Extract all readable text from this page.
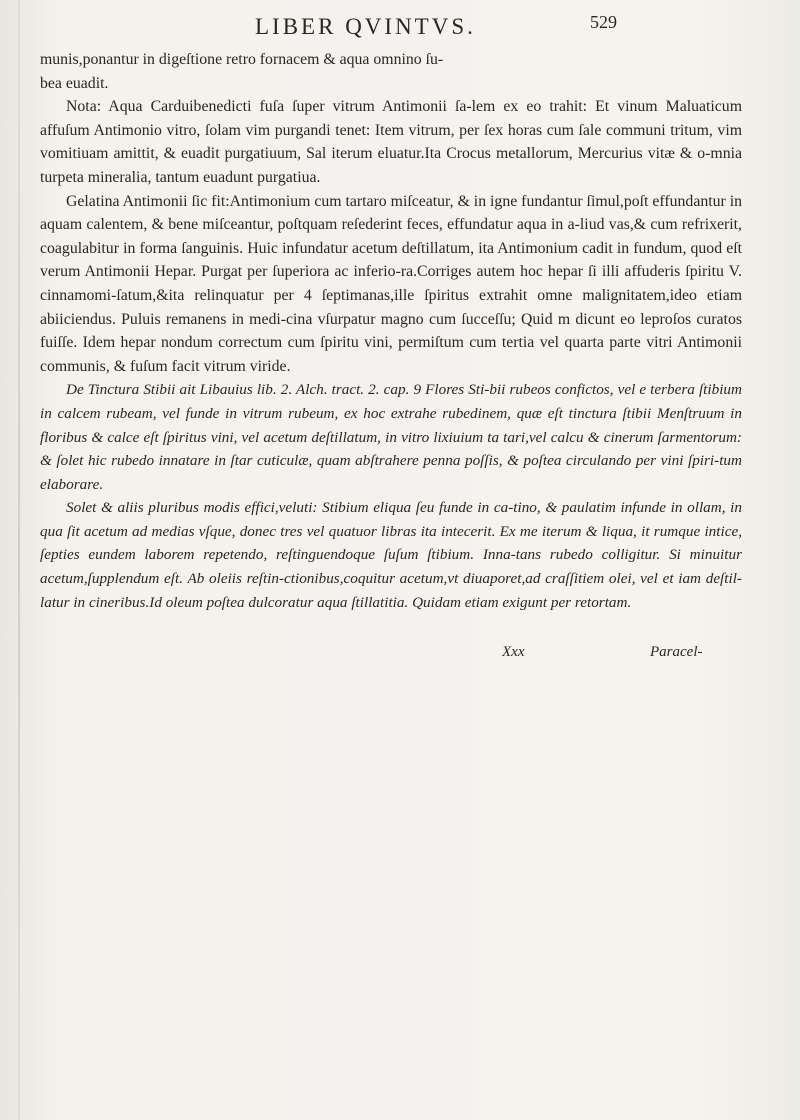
LIBER QVINTVS.	529

munis,ponantur in digeſtione retro fornacem & aqua omnino ſu-

bea euadit.

Nota: Aqua Carduibenedicti fuſa ſuper vitrum Antimonii ſa-lem ex eo trahit: Et vinum Maluaticum affuſum Antimonio vitro, ſolam vim purgandi tenet: Item vitrum, per ſex horas cum ſale communi tritum, vim vomitiuam amittit, & euadit purgatiuum, Sal iterum eluatur.Ita Crocus metallorum, Mercurius vitæ & o-mnia turpeta mineralia, tantum euadunt purgatiua.

Gelatina Antimonii ſic fit:Antimonium cum tartaro miſceatur, & in igne fundantur ſimul,poſt effundantur in aquam calentem, & bene miſceantur, poſtquam reſederint feces, effundatur aqua in a-liud vas,& cum refrixerit, coagulabitur in forma ſanguinis. Huic infundatur acetum deſtillatum, ita Antimonium cadit in fundum, quod eſt verum Antimonii Hepar. Purgat per ſuperiora ac inferio-ra.Corriges autem hoc hepar ſi illi affuderis ſpiritu V. cinnamomi-ſatum,&ita relinquatur per 4 ſeptimanas,ille ſpiritus extrahit omne malignitatem,ideo etiam abiiciendus. Puluis remanens in medi-cina vſurpatur magno cum ſucceſſu; Quid m dicunt eo leproſos curatos fuiſſe. Idem hepar nondum correctum cum ſpiritu vini, permiſtum cum tertia vel quarta parte vitri Antimonii communis, & fuſum facit vitrum viride.

De Tinctura Stibii ait Libauius lib. 2. Alch. tract. 2. cap. 9 Flores Sti-bii rubeos confictos, vel e terbera ſtibium in calcem rubeam, vel funde in vitrum rubeum, ex hoc extrahe rubedinem, quæ eſt tinctura ſtibii Menſtruum in floribus & calce eſt ſpiritus vini, vel acetum deſtillatum, in vitro lixiuium ta tari,vel calcu & cinerum ſarmentorum: & ſolet hic rubedo innatare in ſtar cuticulæ, quam abſtrahere penna poſſis, & poſtea circulando per vini ſpiri-tum elaborare.

Solet & aliis pluribus modis effici,veluti: Stibium eliqua ſeu funde in ca-tino, & paulatim infunde in ollam, in qua ſit acetum ad medias vſque, donec tres vel quatuor libras ita intecerit. Ex me iterum & liqua, it rumque intice, ſepties eundem laborem repetendo, reſtinguendoque ſuſum ſtibium. Inna-tans rubedo colligitur. Si minuitur acetum,ſupplendum eſt. Ab oleiis reſtin-ctionibus,coquitur acetum,vt diuaporet,ad craſſitiem olei, vel et iam deſtil-latur in cineribus.Id oleum poſtea dulcoratur aqua ſtillatitia. Quidam etiam exigunt per retortam.

Xxx	Paracel-
